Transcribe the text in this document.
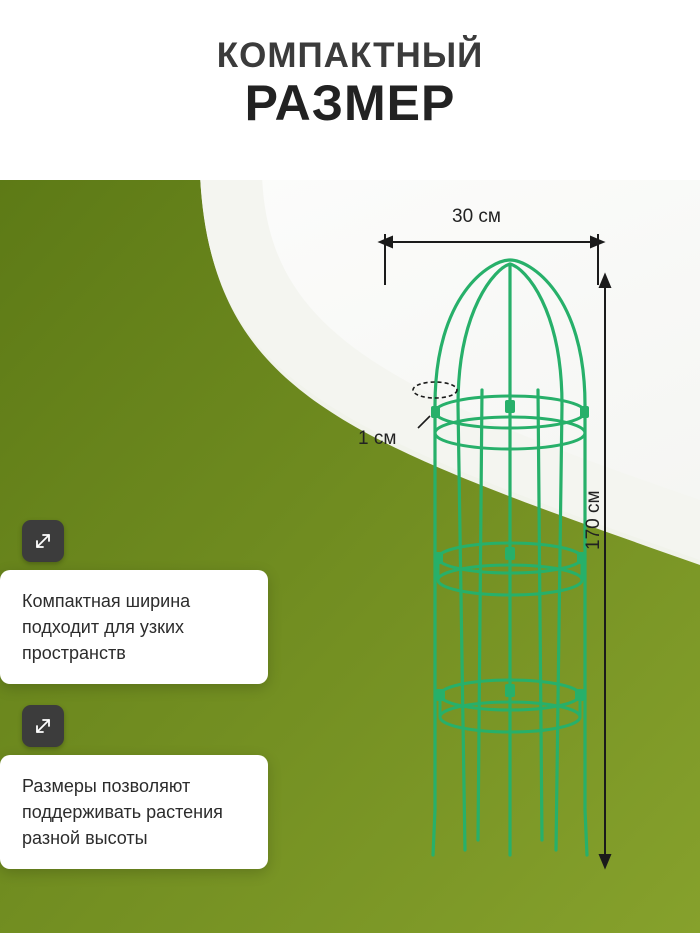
КОМПАКТНЫЙ
РАЗМЕР
30 см
170 см
1 см
Компактная ширина подходит для узких пространств
Размеры позволяют поддерживать растения разной высоты
